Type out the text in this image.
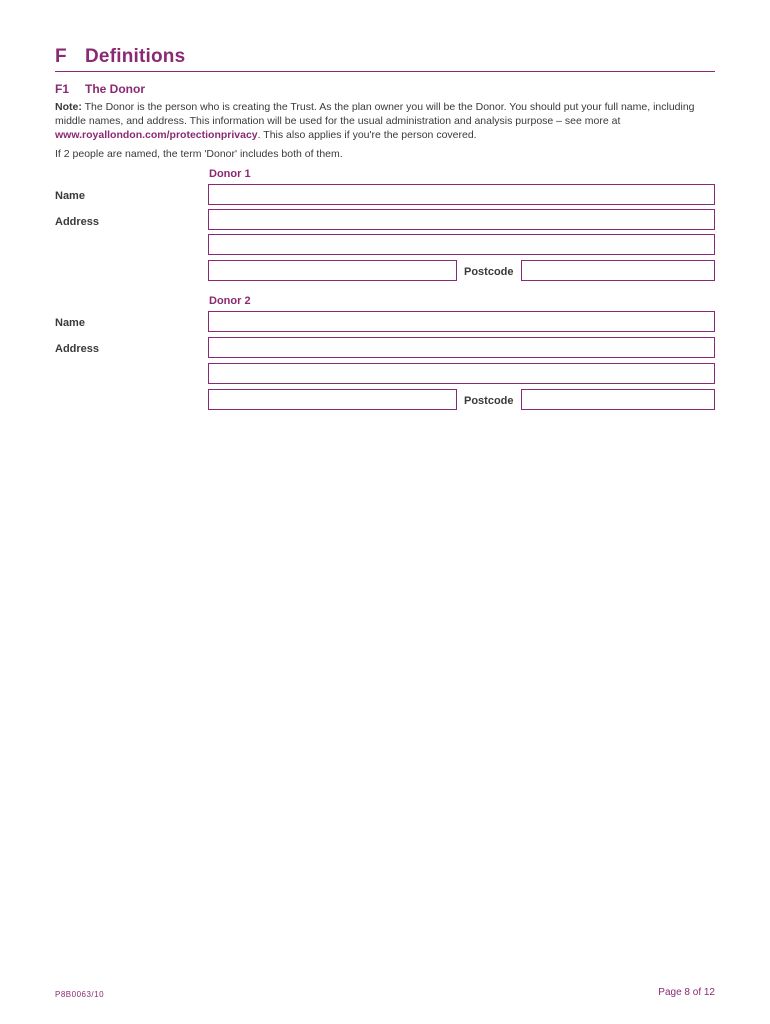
F Definitions
F1 The Donor
Note: The Donor is the person who is creating the Trust. As the plan owner you will be the Donor. You should put your full name, including middle names, and address. This information will be used for the usual administration and analysis purpose – see more at www.royallondon.com/protectionprivacy. This also applies if you're the person covered.
If 2 people are named, the term 'Donor' includes both of them.
Donor 1
Name
Address
Postcode
Donor 2
Name
Address
Postcode
P8B0063/10	Page 8 of 12
